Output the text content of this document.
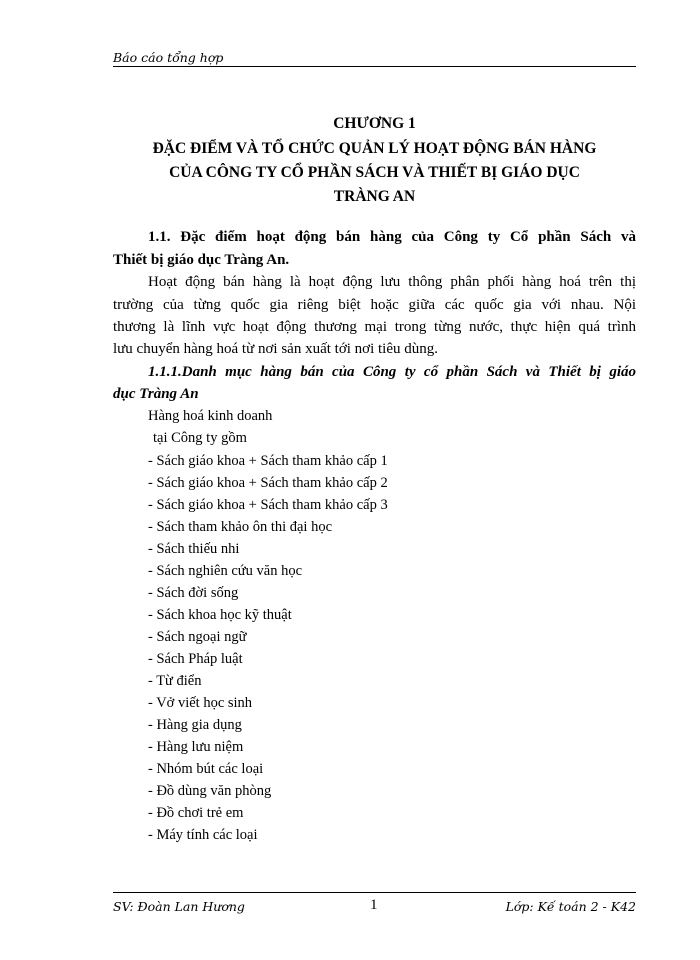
Báo cáo tổng hợp
CHƯƠNG 1
ĐẶC ĐIỂM VÀ TỔ CHỨC QUẢN LÝ HOẠT ĐỘNG BÁN HÀNG
CỦA CÔNG TY CỔ PHẦN SÁCH VÀ THIẾT BỊ GIÁO DỤC
TRÀNG AN
1.1. Đặc điểm hoạt động bán hàng của Công ty Cổ phần Sách và
Thiết bị giáo dục Tràng An.
Hoạt động bán hàng là hoạt động lưu thông phân phối hàng hoá trên thị
trường của từng quốc gia riêng biệt hoặc giữa các quốc gia với nhau. Nội
thương là lĩnh vực hoạt động thương mại trong từng nước, thực hiện quá trình
lưu chuyển hàng hoá từ nơi sản xuất tới nơi tiêu dùng.
1.1.1.Danh mục hàng bán của Công ty cổ phần Sách và Thiết bị giáo
dục Tràng An
Hàng hoá kinh doanh
tại Công ty gồm
- Sách giáo khoa + Sách tham khảo cấp 1
- Sách giáo khoa + Sách tham khảo cấp 2
- Sách giáo khoa + Sách tham khảo cấp 3
- Sách tham khảo ôn thi đại học
- Sách thiếu nhi
- Sách nghiên cứu văn học
- Sách đời sống
- Sách khoa học kỹ thuật
- Sách ngoại ngữ
- Sách Pháp luật
- Từ điển
- Vở viết học sinh
- Hàng gia dụng
- Hàng lưu niệm
- Nhóm bút các loại
- Đồ dùng văn phòng
- Đồ chơi trẻ em
- Máy tính các loại
SV: Đoàn Lan Hương	1	Lớp: Kế toán 2 - K42
